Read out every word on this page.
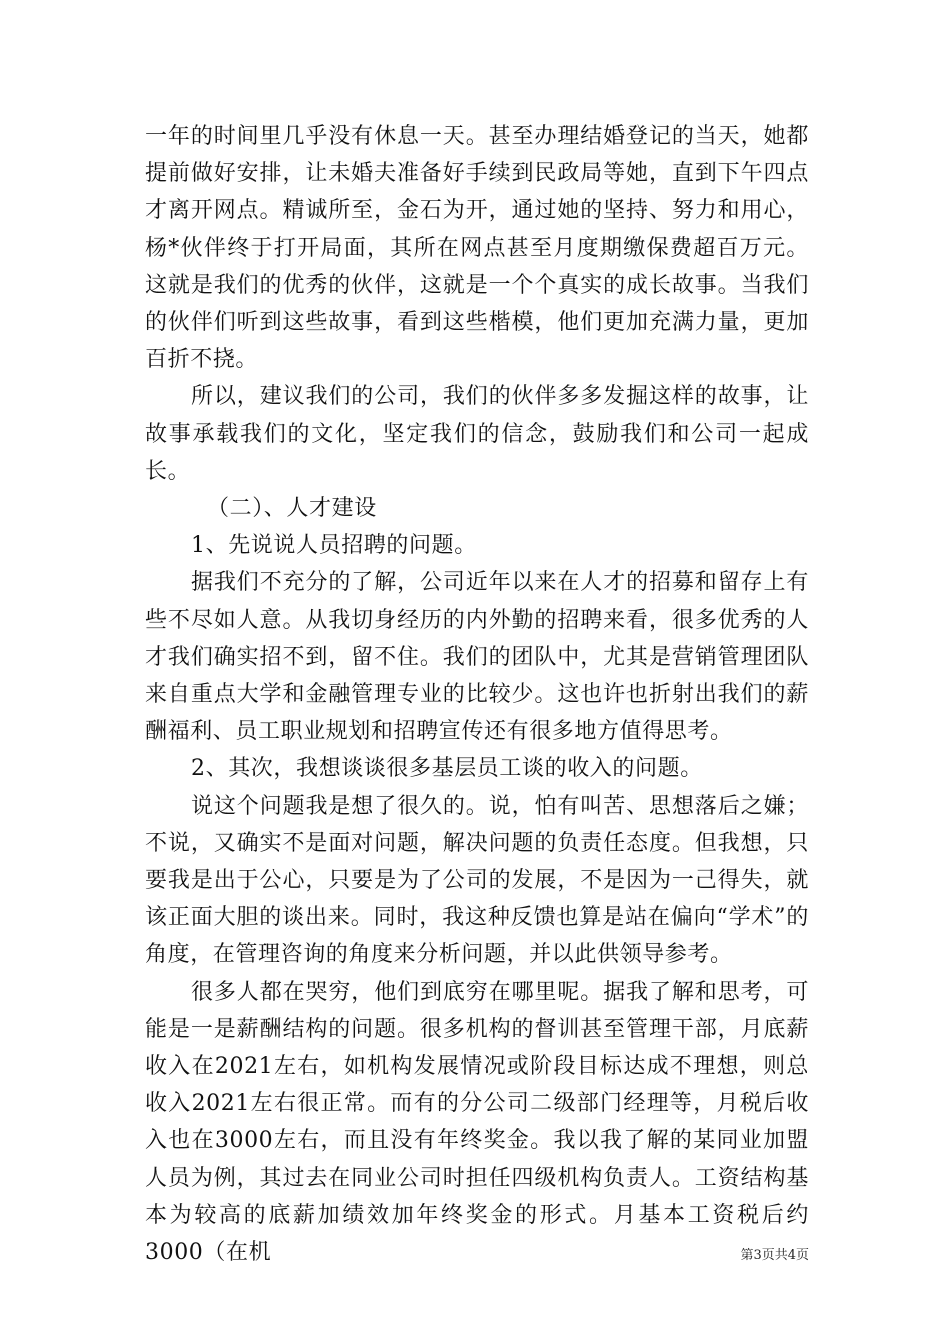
一年的时间里几乎没有休息一天。甚至办理结婚登记的当天，她都提前做好安排，让未婚夫准备好手续到民政局等她，直到下午四点才离开网点。精诚所至，金石为开，通过她的坚持、努力和用心，杨*伙伴终于打开局面，其所在网点甚至月度期缴保费超百万元。这就是我们的优秀的伙伴，这就是一个个真实的成长故事。当我们的伙伴们听到这些故事，看到这些楷模，他们更加充满力量，更加百折不挠。

所以，建议我们的公司，我们的伙伴多多发掘这样的故事，让故事承载我们的文化，坚定我们的信念，鼓励我们和公司一起成长。

（二）、人才建设

1、先说说人员招聘的问题。

据我们不充分的了解，公司近年以来在人才的招募和留存上有些不尽如人意。从我切身经历的内外勤的招聘来看，很多优秀的人才我们确实招不到，留不住。我们的团队中，尤其是营销管理团队来自重点大学和金融管理专业的比较少。这也许也折射出我们的薪酬福利、员工职业规划和招聘宣传还有很多地方值得思考。

2、其次，我想谈谈很多基层员工谈的收入的问题。

说这个问题我是想了很久的。说，怕有叫苦、思想落后之嫌；不说，又确实不是面对问题，解决问题的负责任态度。但我想，只要我是出于公心，只要是为了公司的发展，不是因为一己得失，就该正面大胆的谈出来。同时，我这种反馈也算是站在偏向“学术”的角度，在管理咨询的角度来分析问题，并以此供领导参考。

很多人都在哭穷，他们到底穷在哪里呢。据我了解和思考，可能是一是薪酬结构的问题。很多机构的督训甚至管理干部，月底薪收入在2021左右，如机构发展情况或阶段目标达成不理想，则总收入2021左右很正常。而有的分公司二级部门经理等，月税后收入也在3000左右，而且没有年终奖金。我以我了解的某同业加盟人员为例，其过去在同业公司时担任四级机构负责人。工资结构基本为较高的底薪加绩效加年终奖金的形式。月基本工资税后约3000（在机	第3页共4页
